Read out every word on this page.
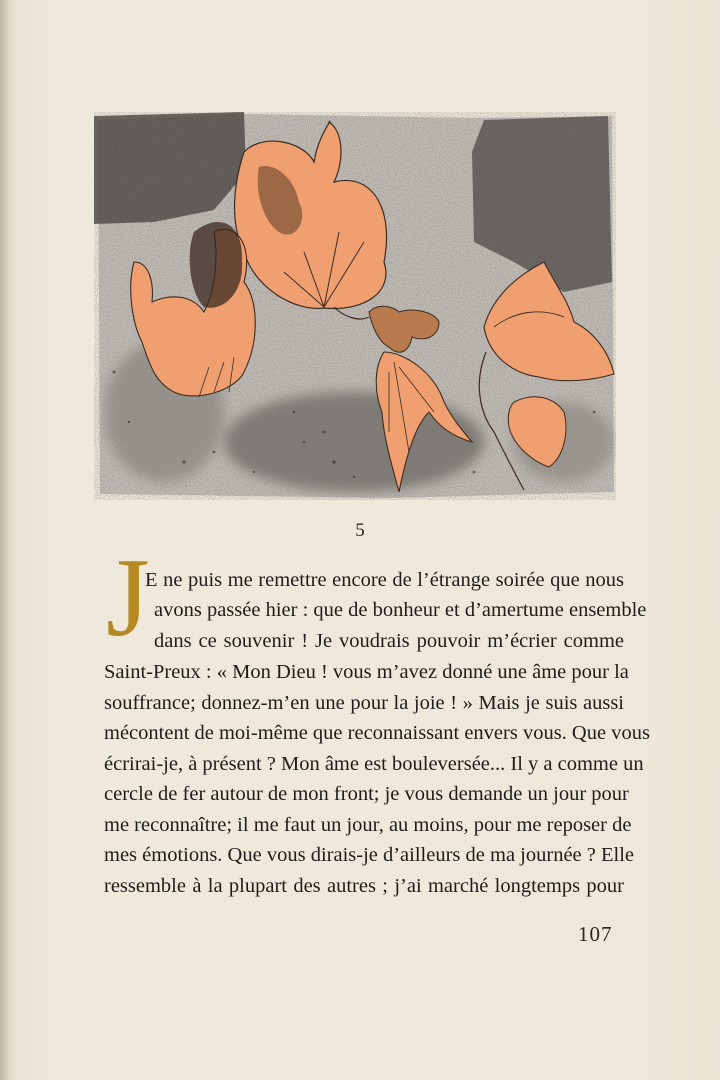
5
J
E ne puis me remettre encore de l’étrange soirée que nous
avons passée hier : que de bonheur et d’amertume ensemble
dans ce souvenir ! Je voudrais pouvoir m’écrier comme
Saint-Preux : « Mon Dieu ! vous m’avez donné une âme pour la
souffrance; donnez-m’en une pour la joie ! » Mais je suis aussi
mécontent de moi-même que reconnaissant envers vous. Que vous
écrirai-je, à présent ? Mon âme est bouleversée... Il y a comme un
cercle de fer autour de mon front; je vous demande un jour pour
me reconnaître; il me faut un jour, au moins, pour me reposer de
mes émotions. Que vous dirais-je d’ailleurs de ma journée ? Elle
ressemble à la plupart des autres ; j’ai marché longtemps pour
107
